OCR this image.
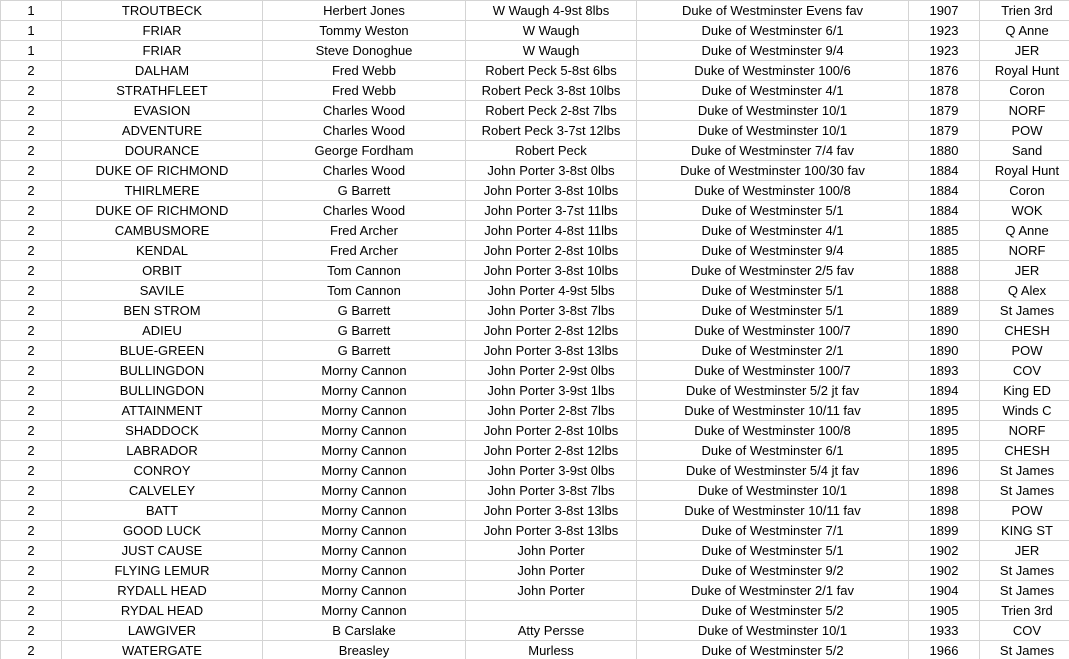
1	TROUTBECK	Herbert Jones	W Waugh 4-9st 8lbs	Duke of Westminster Evens fav	1907	Trien 3rd
1	FRIAR	Tommy Weston	W Waugh	Duke of Westminster 6/1	1923	Q Anne
1	FRIAR	Steve Donoghue	W Waugh	Duke of Westminster 9/4	1923	JER
2	DALHAM	Fred Webb	Robert Peck 5-8st 6lbs	Duke of Westminster 100/6	1876	Royal Hunt
2	STRATHFLEET	Fred Webb	Robert Peck 3-8st 10lbs	Duke of Westminster 4/1	1878	Coron
2	EVASION	Charles Wood	Robert Peck 2-8st 7lbs	Duke of Westminster 10/1	1879	NORF
2	ADVENTURE	Charles Wood	Robert Peck 3-7st 12lbs	Duke of Westminster 10/1	1879	POW
2	DOURANCE	George Fordham	Robert Peck	Duke of Westminster 7/4 fav	1880	Sand
2	DUKE OF RICHMOND	Charles Wood	John Porter 3-8st 0lbs	Duke of Westminster 100/30 fav	1884	Royal Hunt
2	THIRLMERE	G Barrett	John Porter 3-8st 10lbs	Duke of Westminster 100/8	1884	Coron
2	DUKE OF RICHMOND	Charles Wood	John Porter 3-7st 11lbs	Duke of Westminster 5/1	1884	WOK
2	CAMBUSMORE	Fred Archer	John Porter 4-8st 11lbs	Duke of Westminster 4/1	1885	Q Anne
2	KENDAL	Fred Archer	John Porter 2-8st 10lbs	Duke of Westminster 9/4	1885	NORF
2	ORBIT	Tom Cannon	John Porter 3-8st 10lbs	Duke of Westminster 2/5 fav	1888	JER
2	SAVILE	Tom Cannon	John Porter 4-9st 5lbs	Duke of Westminster 5/1	1888	Q Alex
2	BEN STROM	G Barrett	John Porter 3-8st 7lbs	Duke of Westminster 5/1	1889	St James
2	ADIEU	G Barrett	John Porter 2-8st 12lbs	Duke of Westminster 100/7	1890	CHESH
2	BLUE-GREEN	G Barrett	John Porter 3-8st 13lbs	Duke of Westminster 2/1	1890	POW
2	BULLINGDON	Morny Cannon	John Porter 2-9st 0lbs	Duke of Westminster 100/7	1893	COV
2	BULLINGDON	Morny Cannon	John Porter 3-9st 1lbs	Duke of Westminster 5/2 jt fav	1894	King ED
2	ATTAINMENT	Morny Cannon	John Porter 2-8st 7lbs	Duke of Westminster 10/11 fav	1895	Winds C
2	SHADDOCK	Morny Cannon	John Porter 2-8st 10lbs	Duke of Westminster 100/8	1895	NORF
2	LABRADOR	Morny Cannon	John Porter 2-8st 12lbs	Duke of Westminster 6/1	1895	CHESH
2	CONROY	Morny Cannon	John Porter 3-9st 0lbs	Duke of Westminster 5/4 jt fav	1896	St James
2	CALVELEY	Morny Cannon	John Porter 3-8st 7lbs	Duke of Westminster 10/1	1898	St James
2	BATT	Morny Cannon	John Porter 3-8st 13lbs	Duke of Westminster 10/11 fav	1898	POW
2	GOOD LUCK	Morny Cannon	John Porter 3-8st 13lbs	Duke of Westminster 7/1	1899	KING ST
2	JUST CAUSE	Morny Cannon	John Porter	Duke of Westminster 5/1	1902	JER
2	FLYING LEMUR	Morny Cannon	John Porter	Duke of Westminster 9/2	1902	St James
2	RYDALL HEAD	Morny Cannon	John Porter	Duke of Westminster 2/1 fav	1904	St James
2	RYDAL HEAD	Morny Cannon		Duke of Westminster 5/2	1905	Trien 3rd
2	LAWGIVER	B Carslake	Atty Persse	Duke of Westminster 10/1	1933	COV
2	WATERGATE	Breasley	Murless	Duke of Westminster 5/2	1966	St James
